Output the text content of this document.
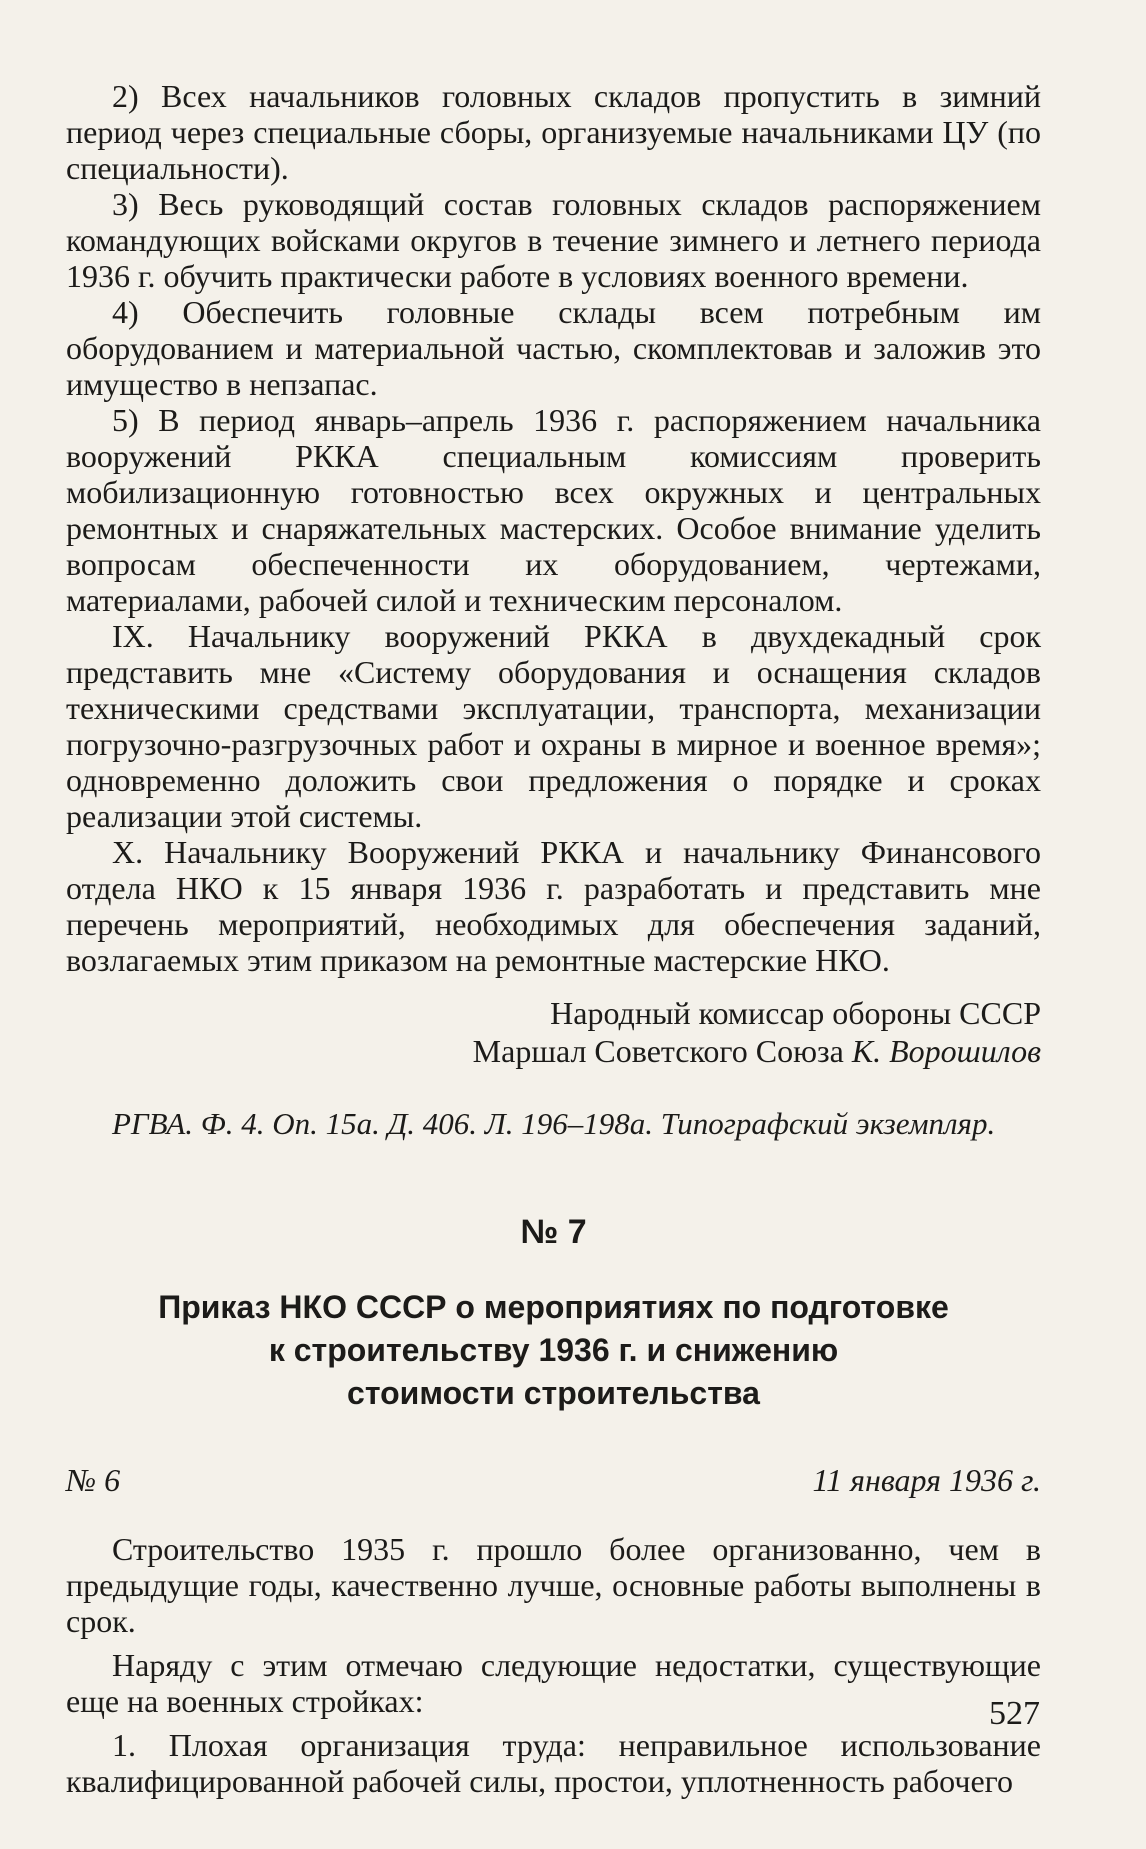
2) Всех начальников головных складов пропустить в зимний период через специальные сборы, организуемые начальниками ЦУ (по специальности).

3) Весь руководящий состав головных складов распоряжением командующих войсками округов в течение зимнего и летнего периода 1936 г. обучить практически работе в условиях военного времени.

4) Обеспечить головные склады всем потребным им оборудованием и материальной частью, скомплектовав и заложив это имущество в непзапас.

5) В период январь–апрель 1936 г. распоряжением начальника вооружений РККА специальным комиссиям проверить мобилизационную готовностью всех окружных и центральных ремонтных и снаряжательных мастерских. Особое внимание уделить вопросам обеспеченности их оборудованием, чертежами, материалами, рабочей силой и техническим персоналом.

IX. Начальнику вооружений РККА в двухдекадный срок представить мне «Систему оборудования и оснащения складов техническими средствами эксплуатации, транспорта, механизации погрузочно-разгрузочных работ и охраны в мирное и военное время»; одновременно доложить свои предложения о порядке и сроках реализации этой системы.

X. Начальнику Вооружений РККА и начальнику Финансового отдела НКО к 15 января 1936 г. разработать и представить мне перечень мероприятий, необходимых для обеспечения заданий, возлагаемых этим приказом на ремонтные мастерские НКО.

Народный комиссар обороны СССР
Маршал Советского Союза К. Ворошилов

РГВА. Ф. 4. Оп. 15а. Д. 406. Л. 196–198а. Типографский экземпляр.

№ 7
Приказ НКО СССР о мероприятиях по подготовке
к строительству 1936 г. и снижению
стоимости строительства
№ 6	11 января 1936 г.

Строительство 1935 г. прошло более организованно, чем в предыдущие годы, качественно лучше, основные работы выполнены в срок.

Наряду с этим отмечаю следующие недостатки, существующие еще на военных стройках:

1. Плохая организация труда: неправильное использование квалифицированной рабочей силы, простои, уплотненность рабочего

527
